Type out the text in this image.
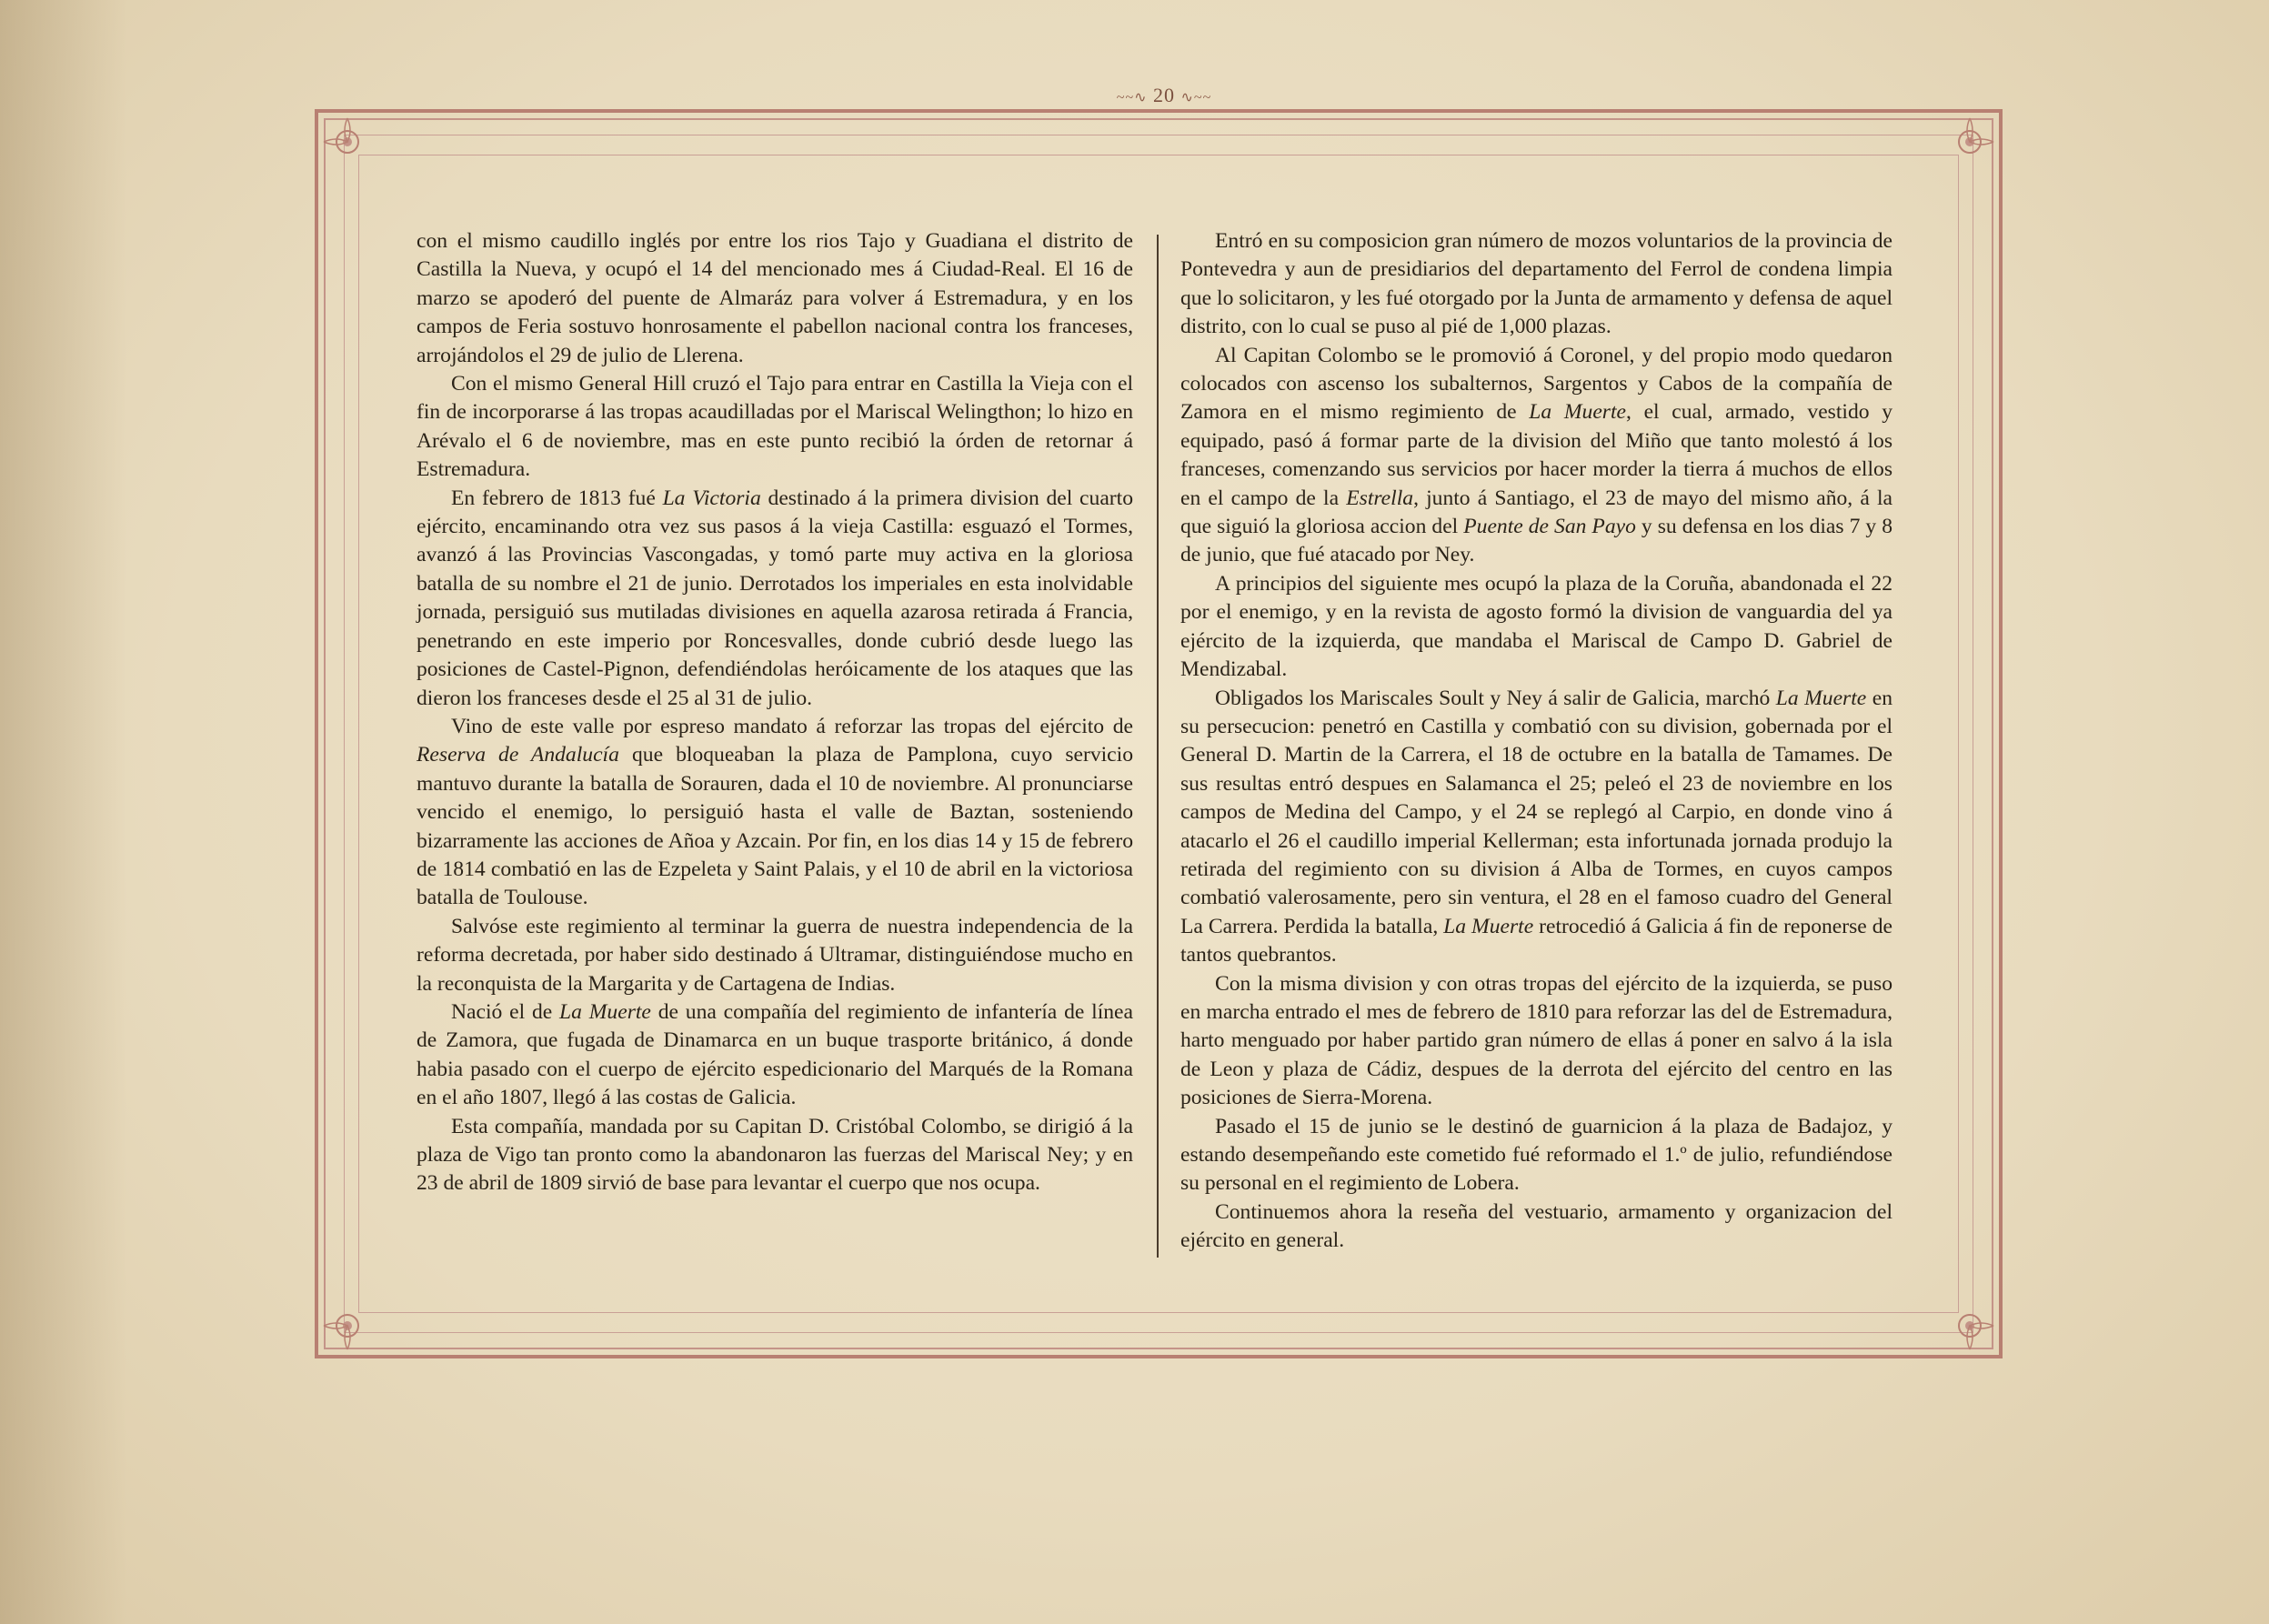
~~∿ 20 ∿~~

con el mismo caudillo inglés por entre los rios Tajo y Guadiana el distrito de Castilla la Nueva, y ocupó el 14 del mencionado mes á Ciudad-Real. El 16 de marzo se apoderó del puente de Almaráz para volver á Estremadura, y en los campos de Feria sostuvo honrosamente el pabellon nacional contra los franceses, arrojándolos el 29 de julio de Llerena.

Con el mismo General Hill cruzó el Tajo para entrar en Castilla la Vieja con el fin de incorporarse á las tropas acaudilladas por el Mariscal Welingthon; lo hizo en Arévalo el 6 de noviembre, mas en este punto recibió la órden de retornar á Estremadura.

En febrero de 1813 fué La Victoria destinado á la primera division del cuarto ejército, encaminando otra vez sus pasos á la vieja Castilla: esguazó el Tormes, avanzó á las Provincias Vascongadas, y tomó parte muy activa en la gloriosa batalla de su nombre el 21 de junio. Derrotados los imperiales en esta inolvidable jornada, persiguió sus mutiladas divisiones en aquella azarosa retirada á Francia, penetrando en este imperio por Roncesvalles, donde cubrió desde luego las posiciones de Castel-Pignon, defendiéndolas heróicamente de los ataques que las dieron los franceses desde el 25 al 31 de julio.

Vino de este valle por espreso mandato á reforzar las tropas del ejército de Reserva de Andalucía que bloqueaban la plaza de Pamplona, cuyo servicio mantuvo durante la batalla de Sorauren, dada el 10 de noviembre. Al pronunciarse vencido el enemigo, lo persiguió hasta el valle de Baztan, sosteniendo bizarramente las acciones de Añoa y Azcain. Por fin, en los dias 14 y 15 de febrero de 1814 combatió en las de Ezpeleta y Saint Palais, y el 10 de abril en la victoriosa batalla de Toulouse.

Salvóse este regimiento al terminar la guerra de nuestra independencia de la reforma decretada, por haber sido destinado á Ultramar, distinguiéndose mucho en la reconquista de la Margarita y de Cartagena de Indias.

Nació el de La Muerte de una compañía del regimiento de infantería de línea de Zamora, que fugada de Dinamarca en un buque trasporte británico, á donde habia pasado con el cuerpo de ejército espedicionario del Marqués de la Romana en el año 1807, llegó á las costas de Galicia.

Esta compañía, mandada por su Capitan D. Cristóbal Colombo, se dirigió á la plaza de Vigo tan pronto como la abandonaron las fuerzas del Mariscal Ney; y en 23 de abril de 1809 sirvió de base para levantar el cuerpo que nos ocupa.

Entró en su composicion gran número de mozos voluntarios de la provincia de Pontevedra y aun de presidiarios del departamento del Ferrol de condena limpia que lo solicitaron, y les fué otorgado por la Junta de armamento y defensa de aquel distrito, con lo cual se puso al pié de 1,000 plazas.

Al Capitan Colombo se le promovió á Coronel, y del propio modo quedaron colocados con ascenso los subalternos, Sargentos y Cabos de la compañía de Zamora en el mismo regimiento de La Muerte, el cual, armado, vestido y equipado, pasó á formar parte de la division del Miño que tanto molestó á los franceses, comenzando sus servicios por hacer morder la tierra á muchos de ellos en el campo de la Estrella, junto á Santiago, el 23 de mayo del mismo año, á la que siguió la gloriosa accion del Puente de San Payo y su defensa en los dias 7 y 8 de junio, que fué atacado por Ney.

A principios del siguiente mes ocupó la plaza de la Coruña, abandonada el 22 por el enemigo, y en la revista de agosto formó la division de vanguardia del ya ejército de la izquierda, que mandaba el Mariscal de Campo D. Gabriel de Mendizabal.

Obligados los Mariscales Soult y Ney á salir de Galicia, marchó La Muerte en su persecucion: penetró en Castilla y combatió con su division, gobernada por el General D. Martin de la Carrera, el 18 de octubre en la batalla de Tamames. De sus resultas entró despues en Salamanca el 25; peleó el 23 de noviembre en los campos de Medina del Campo, y el 24 se replegó al Carpio, en donde vino á atacarlo el 26 el caudillo imperial Kellerman; esta infortunada jornada produjo la retirada del regimiento con su division á Alba de Tormes, en cuyos campos combatió valerosamente, pero sin ventura, el 28 en el famoso cuadro del General La Carrera. Perdida la batalla, La Muerte retrocedió á Galicia á fin de reponerse de tantos quebrantos.

Con la misma division y con otras tropas del ejército de la izquierda, se puso en marcha entrado el mes de febrero de 1810 para reforzar las del de Estremadura, harto menguado por haber partido gran número de ellas á poner en salvo á la isla de Leon y plaza de Cádiz, despues de la derrota del ejército del centro en las posiciones de Sierra-Morena.

Pasado el 15 de junio se le destinó de guarnicion á la plaza de Badajoz, y estando desempeñando este cometido fué reformado el 1.º de julio, refundiéndose su personal en el regimiento de Lobera.

Continuemos ahora la reseña del vestuario, armamento y organizacion del ejército en general.
